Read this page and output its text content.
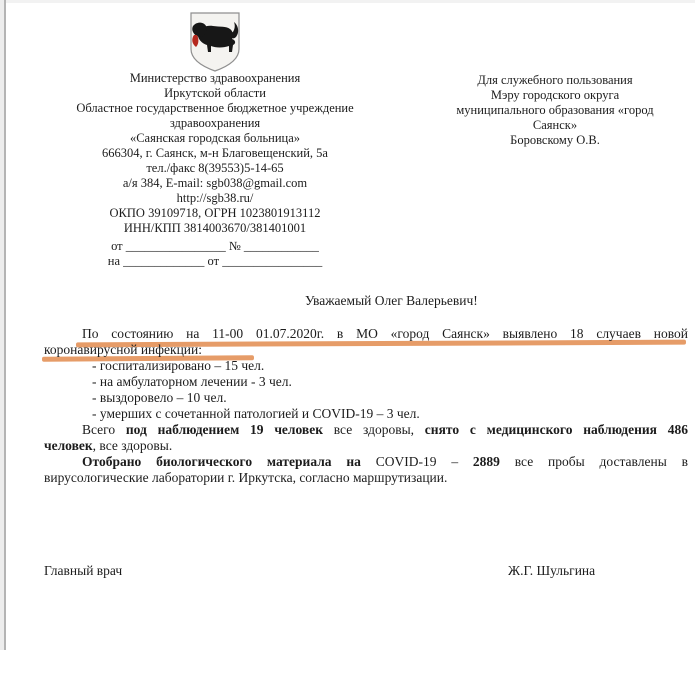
Министерство здравоохранения
Иркутской области
Областное государственное бюджетное учреждение
здравоохранения
«Саянская городская больница»
666304, г. Саянск, м-н Благовещенский, 5а
тел./факс 8(39553)5-14-65
а/я 384, E-mail: sgb038@gmail.com
http://sgb38.ru/
ОКПО 39109718, ОГРН 1023801913112
ИНН/КПП 3814003670/381401001
от ________________ № ____________
на _____________ от ________________
Для служебного пользования
Мэру городского округа
муниципального образования «город
Саянск»
Боровскому О.В.
Уважаемый Олег Валерьевич!
По состоянию на 11-00 01.07.2020г. в МО «город Саянск» выявлено 18 случаев новой
коронавирусной инфекции:
- госпитализировано – 15 чел.
- на амбулаторном лечении - 3 чел.
- выздоровело – 10 чел.
- умерших с сочетанной патологией и COVID-19 – 3 чел.
Всего под наблюдением 19 человек все здоровы, снято с медицинского наблюдения 486
человек, все здоровы.
Отобрано биологического материала на COVID-19 – 2889 все пробы доставлены в
вирусологические лаборатории г. Иркутска, согласно маршрутизации.
Главный врач	Ж.Г. Шульгина
